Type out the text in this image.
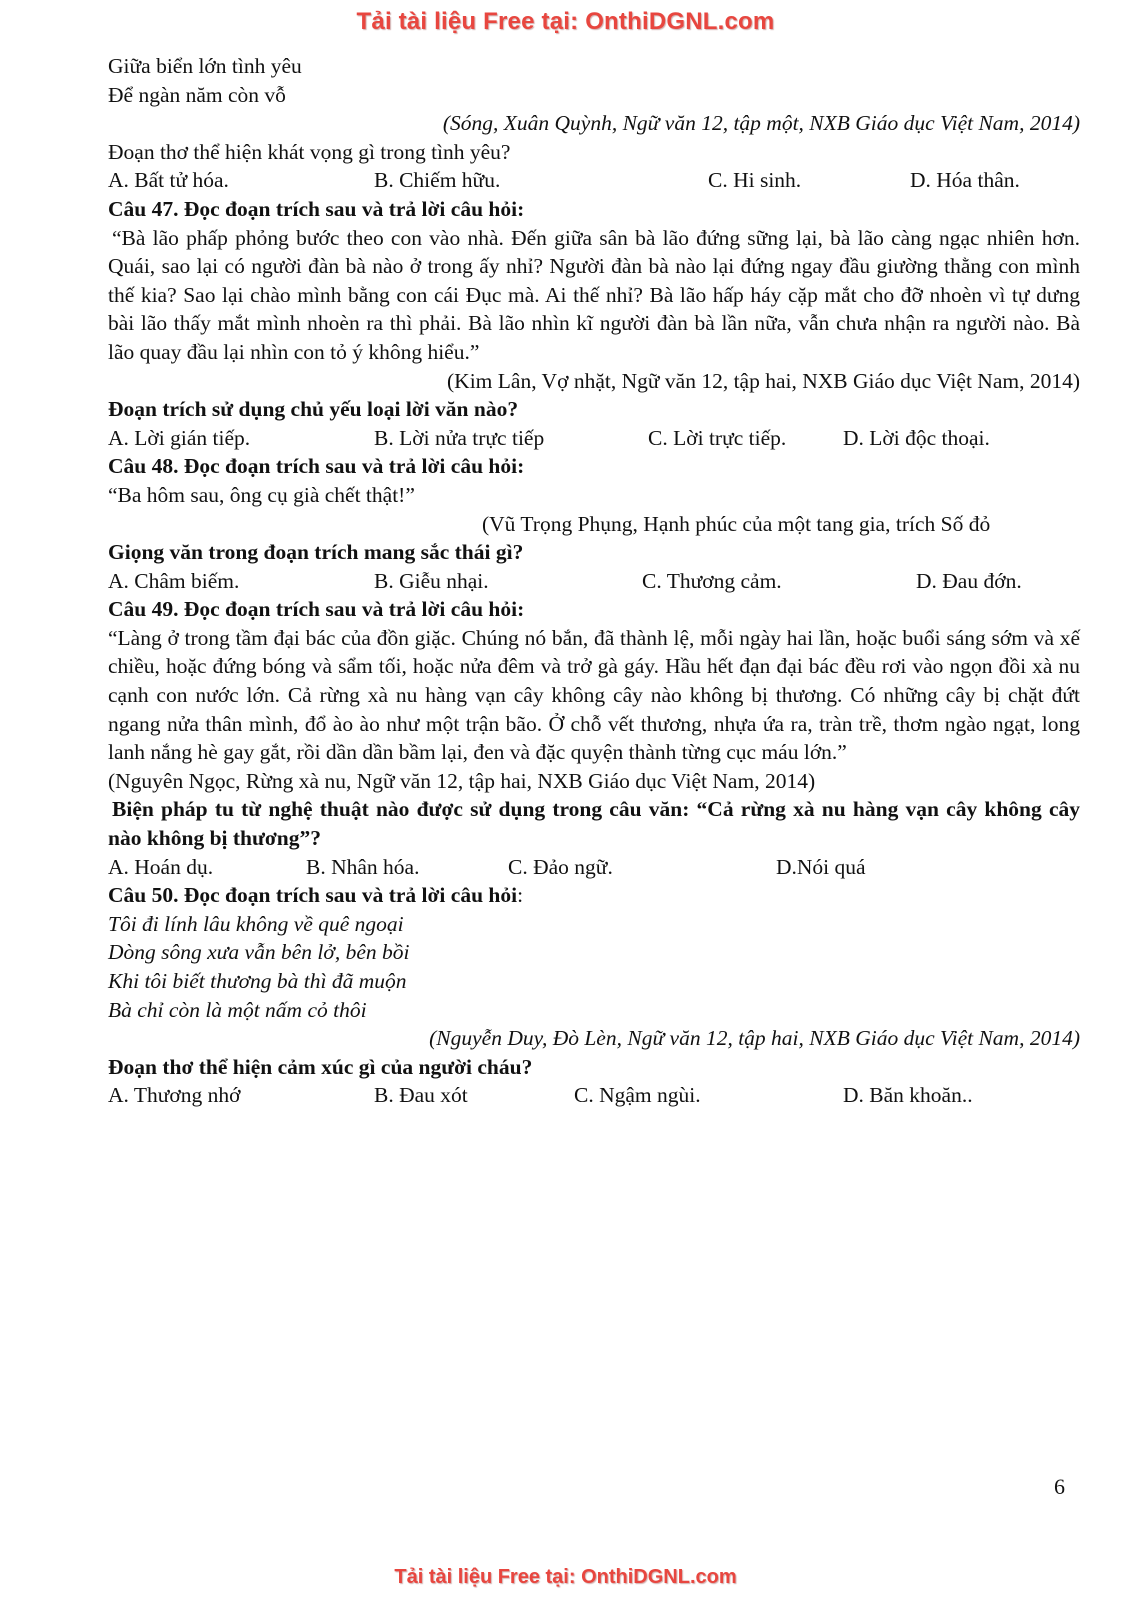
Tải tài liệu Free tại: OnthiDGNL.com
Giữa biển lớn tình yêu
Để ngàn năm còn vỗ
(Sóng, Xuân Quỳnh, Ngữ văn 12, tập một, NXB Giáo dục Việt Nam, 2014)
Đoạn thơ thể hiện khát vọng gì trong tình yêu?
A. Bất tử hóa.	B. Chiếm hữu.	C. Hi sinh.	D. Hóa thân.
Câu 47. Đọc đoạn trích sau và trả lời câu hỏi:
“Bà lão phấp phỏng bước theo con vào nhà. Đến giữa sân bà lão đứng sững lại, bà lão càng ngạc nhiên hơn. Quái, sao lại có người đàn bà nào ở trong ấy nhỉ? Người đàn bà nào lại đứng ngay đầu giường thằng con mình thế kia? Sao lại chào mình bằng con cái Đục mà. Ai thế nhỉ? Bà lão hấp háy cặp mắt cho đỡ nhoèn vì tự dưng bài lão thấy mắt mình nhoèn ra thì phải. Bà lão nhìn kĩ người đàn bà lần nữa, vẫn chưa nhận ra người nào. Bà lão quay đầu lại nhìn con tỏ ý không hiểu.”
(Kim Lân, Vợ nhặt, Ngữ văn 12, tập hai, NXB Giáo dục Việt Nam, 2014)
Đoạn trích sử dụng chủ yếu loại lời văn nào?
A. Lời gián tiếp.	B. Lời nửa trực tiếp	C. Lời trực tiếp.	D. Lời độc thoại.
Câu 48. Đọc đoạn trích sau và trả lời câu hỏi:
“Ba hôm sau, ông cụ già chết thật!”
(Vũ Trọng Phụng, Hạnh phúc của một tang gia, trích Số đỏ
Giọng văn trong đoạn trích mang sắc thái gì?
A. Châm biếm.	B. Giễu nhại.	C. Thương cảm.	D. Đau đớn.
Câu 49. Đọc đoạn trích sau và trả lời câu hỏi:
“Làng ở trong tầm đại bác của đồn giặc. Chúng nó bắn, đã thành lệ, mỗi ngày hai lần, hoặc buổi sáng sớm và xế chiều, hoặc đứng bóng và sẩm tối, hoặc nửa đêm và trở gà gáy. Hầu hết đạn đại bác đều rơi vào ngọn đồi xà nu cạnh con nước lớn. Cả rừng xà nu hàng vạn cây không cây nào không bị thương. Có những cây bị chặt đứt ngang nửa thân mình, đổ ào ào như một trận bão. Ở chỗ vết thương, nhựa ứa ra, tràn trề, thơm ngào ngạt, long lanh nắng hè gay gắt, rồi dần dần bầm lại, đen và đặc quyện thành từng cục máu lớn.”
(Nguyên Ngọc, Rừng xà nu, Ngữ văn 12, tập hai, NXB Giáo dục Việt Nam, 2014)
Biện pháp tu từ nghệ thuật nào được sử dụng trong câu văn: “Cả rừng xà nu hàng vạn cây không cây nào không bị thương”?
A. Hoán dụ.	B. Nhân hóa.	C. Đảo ngữ.	D.Nói quá
Câu 50. Đọc đoạn trích sau và trả lời câu hỏi:
Tôi đi lính lâu không về quê ngoại
Dòng sông xưa vẫn bên lở, bên bồi
Khi tôi biết thương bà thì đã muộn
Bà chỉ còn là một nấm cỏ thôi
(Nguyễn Duy, Đò Lèn, Ngữ văn 12, tập hai, NXB Giáo dục Việt Nam, 2014)
Đoạn thơ thể hiện cảm xúc gì của người cháu?
A. Thương nhớ	B. Đau xót	C. Ngậm ngùi.	D. Băn khoăn..
6
Tải tài liệu Free tại: OnthiDGNL.com
